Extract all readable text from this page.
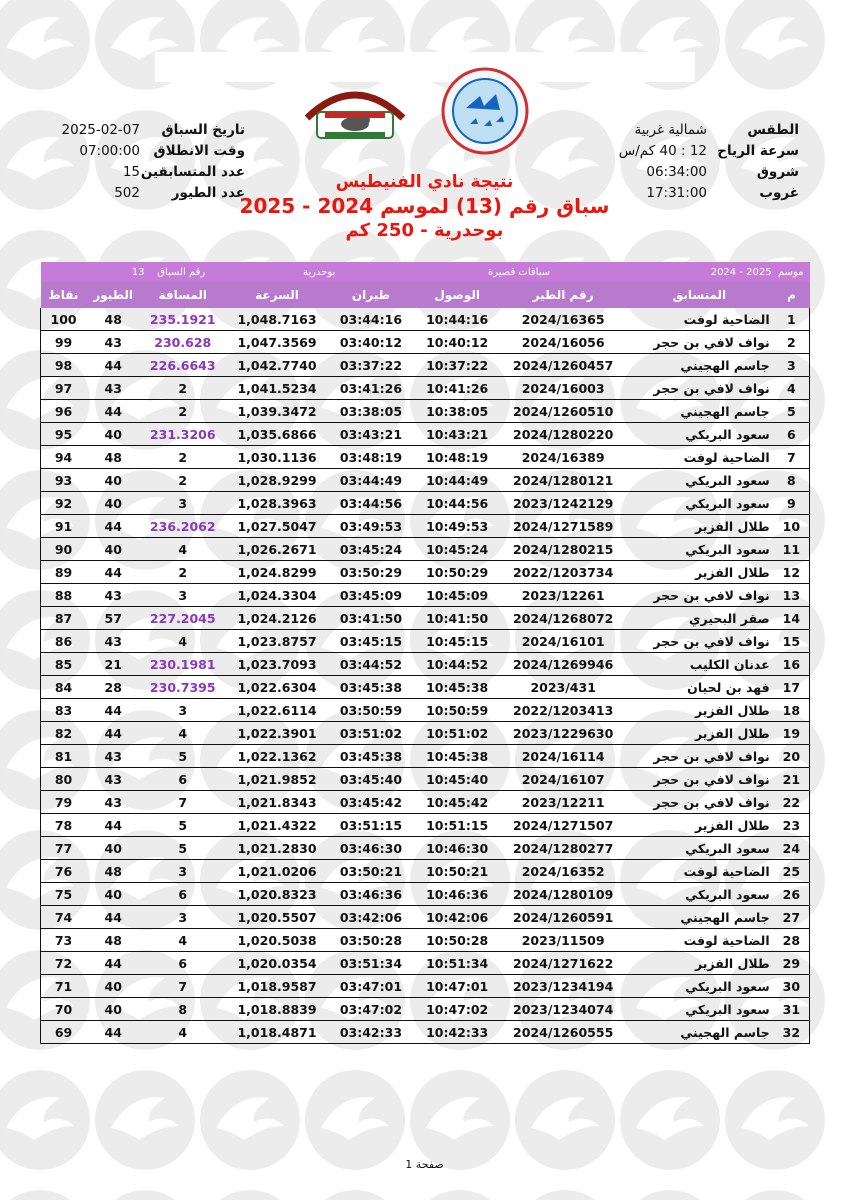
شمالية غربية	الطقس
12 : 40 كم/س سرعة الرياح
06:34:00	شروق
17:31:00	غروب
2025-02-07	تاريخ السباق
07:00:00	وقت الانطلاق
15 عدد المتسابقين
502	عدد الطيور
نتيجة نادي الفنيطيس
سباق رقم (13) لموسم 2024 - 2025
بوحدرية - 250 كم
موسم  2025 - 2024		سباقات قصيرة		بوحدرية		رقم السباق    13		
م	المتسابق	رقم الطير	الوصول	طيران	السرعة	المسافة	الطيور	نقاط
1	الضاحية لوفت	2024/16365	10:44:16	03:44:16	1,048.7163	235.1921	48	100
2	نواف لافي بن حجر	2024/16056	10:40:12	03:40:12	1,047.3569	230.628	43	99
3	جاسم الهجيني	2024/1260457	10:37:22	03:37:22	1,042.7740	226.6643	44	98
4	نواف لافي بن حجر	2024/16003	10:41:26	03:41:26	1,041.5234	2	43	97
5	جاسم الهجيني	2024/1260510	10:38:05	03:38:05	1,039.3472	2	44	96
6	سعود البريكي	2024/1280220	10:43:21	03:43:21	1,035.6866	231.3206	40	95
7	الضاحية لوفت	2024/16389	10:48:19	03:48:19	1,030.1136	2	48	94
8	سعود البريكي	2024/1280121	10:44:49	03:44:49	1,028.9299	2	40	93
9	سعود البريكي	2023/1242129	10:44:56	03:44:56	1,028.3963	3	40	92
10	طلال الفزير	2024/1271589	10:49:53	03:49:53	1,027.5047	236.2062	44	91
11	سعود البريكي	2024/1280215	10:45:24	03:45:24	1,026.2671	4	40	90
12	طلال الفزير	2022/1203734	10:50:29	03:50:29	1,024.8299	2	44	89
13	نواف لافي بن حجر	2023/12261	10:45:09	03:45:09	1,024.3304	3	43	88
14	صقر البحيري	2024/1268072	10:41:50	03:41:50	1,024.2126	227.2045	57	87
15	نواف لافي بن حجر	2024/16101	10:45:15	03:45:15	1,023.8757	4	43	86
16	عدنان الكليب	2024/1269946	10:44:52	03:44:52	1,023.7093	230.1981	21	85
17	فهد بن لحيان	2023/431	10:45:38	03:45:38	1,022.6304	230.7395	28	84
18	طلال الفزير	2022/1203413	10:50:59	03:50:59	1,022.6114	3	44	83
19	طلال الفزير	2023/1229630	10:51:02	03:51:02	1,022.3901	4	44	82
20	نواف لافي بن حجر	2024/16114	10:45:38	03:45:38	1,022.1362	5	43	81
21	نواف لافي بن حجر	2024/16107	10:45:40	03:45:40	1,021.9852	6	43	80
22	نواف لافي بن حجر	2023/12211	10:45:42	03:45:42	1,021.8343	7	43	79
23	طلال الفزير	2024/1271507	10:51:15	03:51:15	1,021.4322	5	44	78
24	سعود البريكي	2024/1280277	10:46:30	03:46:30	1,021.2830	5	40	77
25	الضاحية لوفت	2024/16352	10:50:21	03:50:21	1,021.0206	3	48	76
26	سعود البريكي	2024/1280109	10:46:36	03:46:36	1,020.8323	6	40	75
27	جاسم الهجيني	2024/1260591	10:42:06	03:42:06	1,020.5507	3	44	74
28	الضاحية لوفت	2023/11509	10:50:28	03:50:28	1,020.5038	4	48	73
29	طلال الفزير	2024/1271622	10:51:34	03:51:34	1,020.0354	6	44	72
30	سعود البريكي	2023/1234194	10:47:01	03:47:01	1,018.9587	7	40	71
31	سعود البريكي	2023/1234074	10:47:02	03:47:02	1,018.8839	8	40	70
32	جاسم الهجيني	2024/1260555	10:42:33	03:42:33	1,018.4871	4	44	69
صفحة 1
